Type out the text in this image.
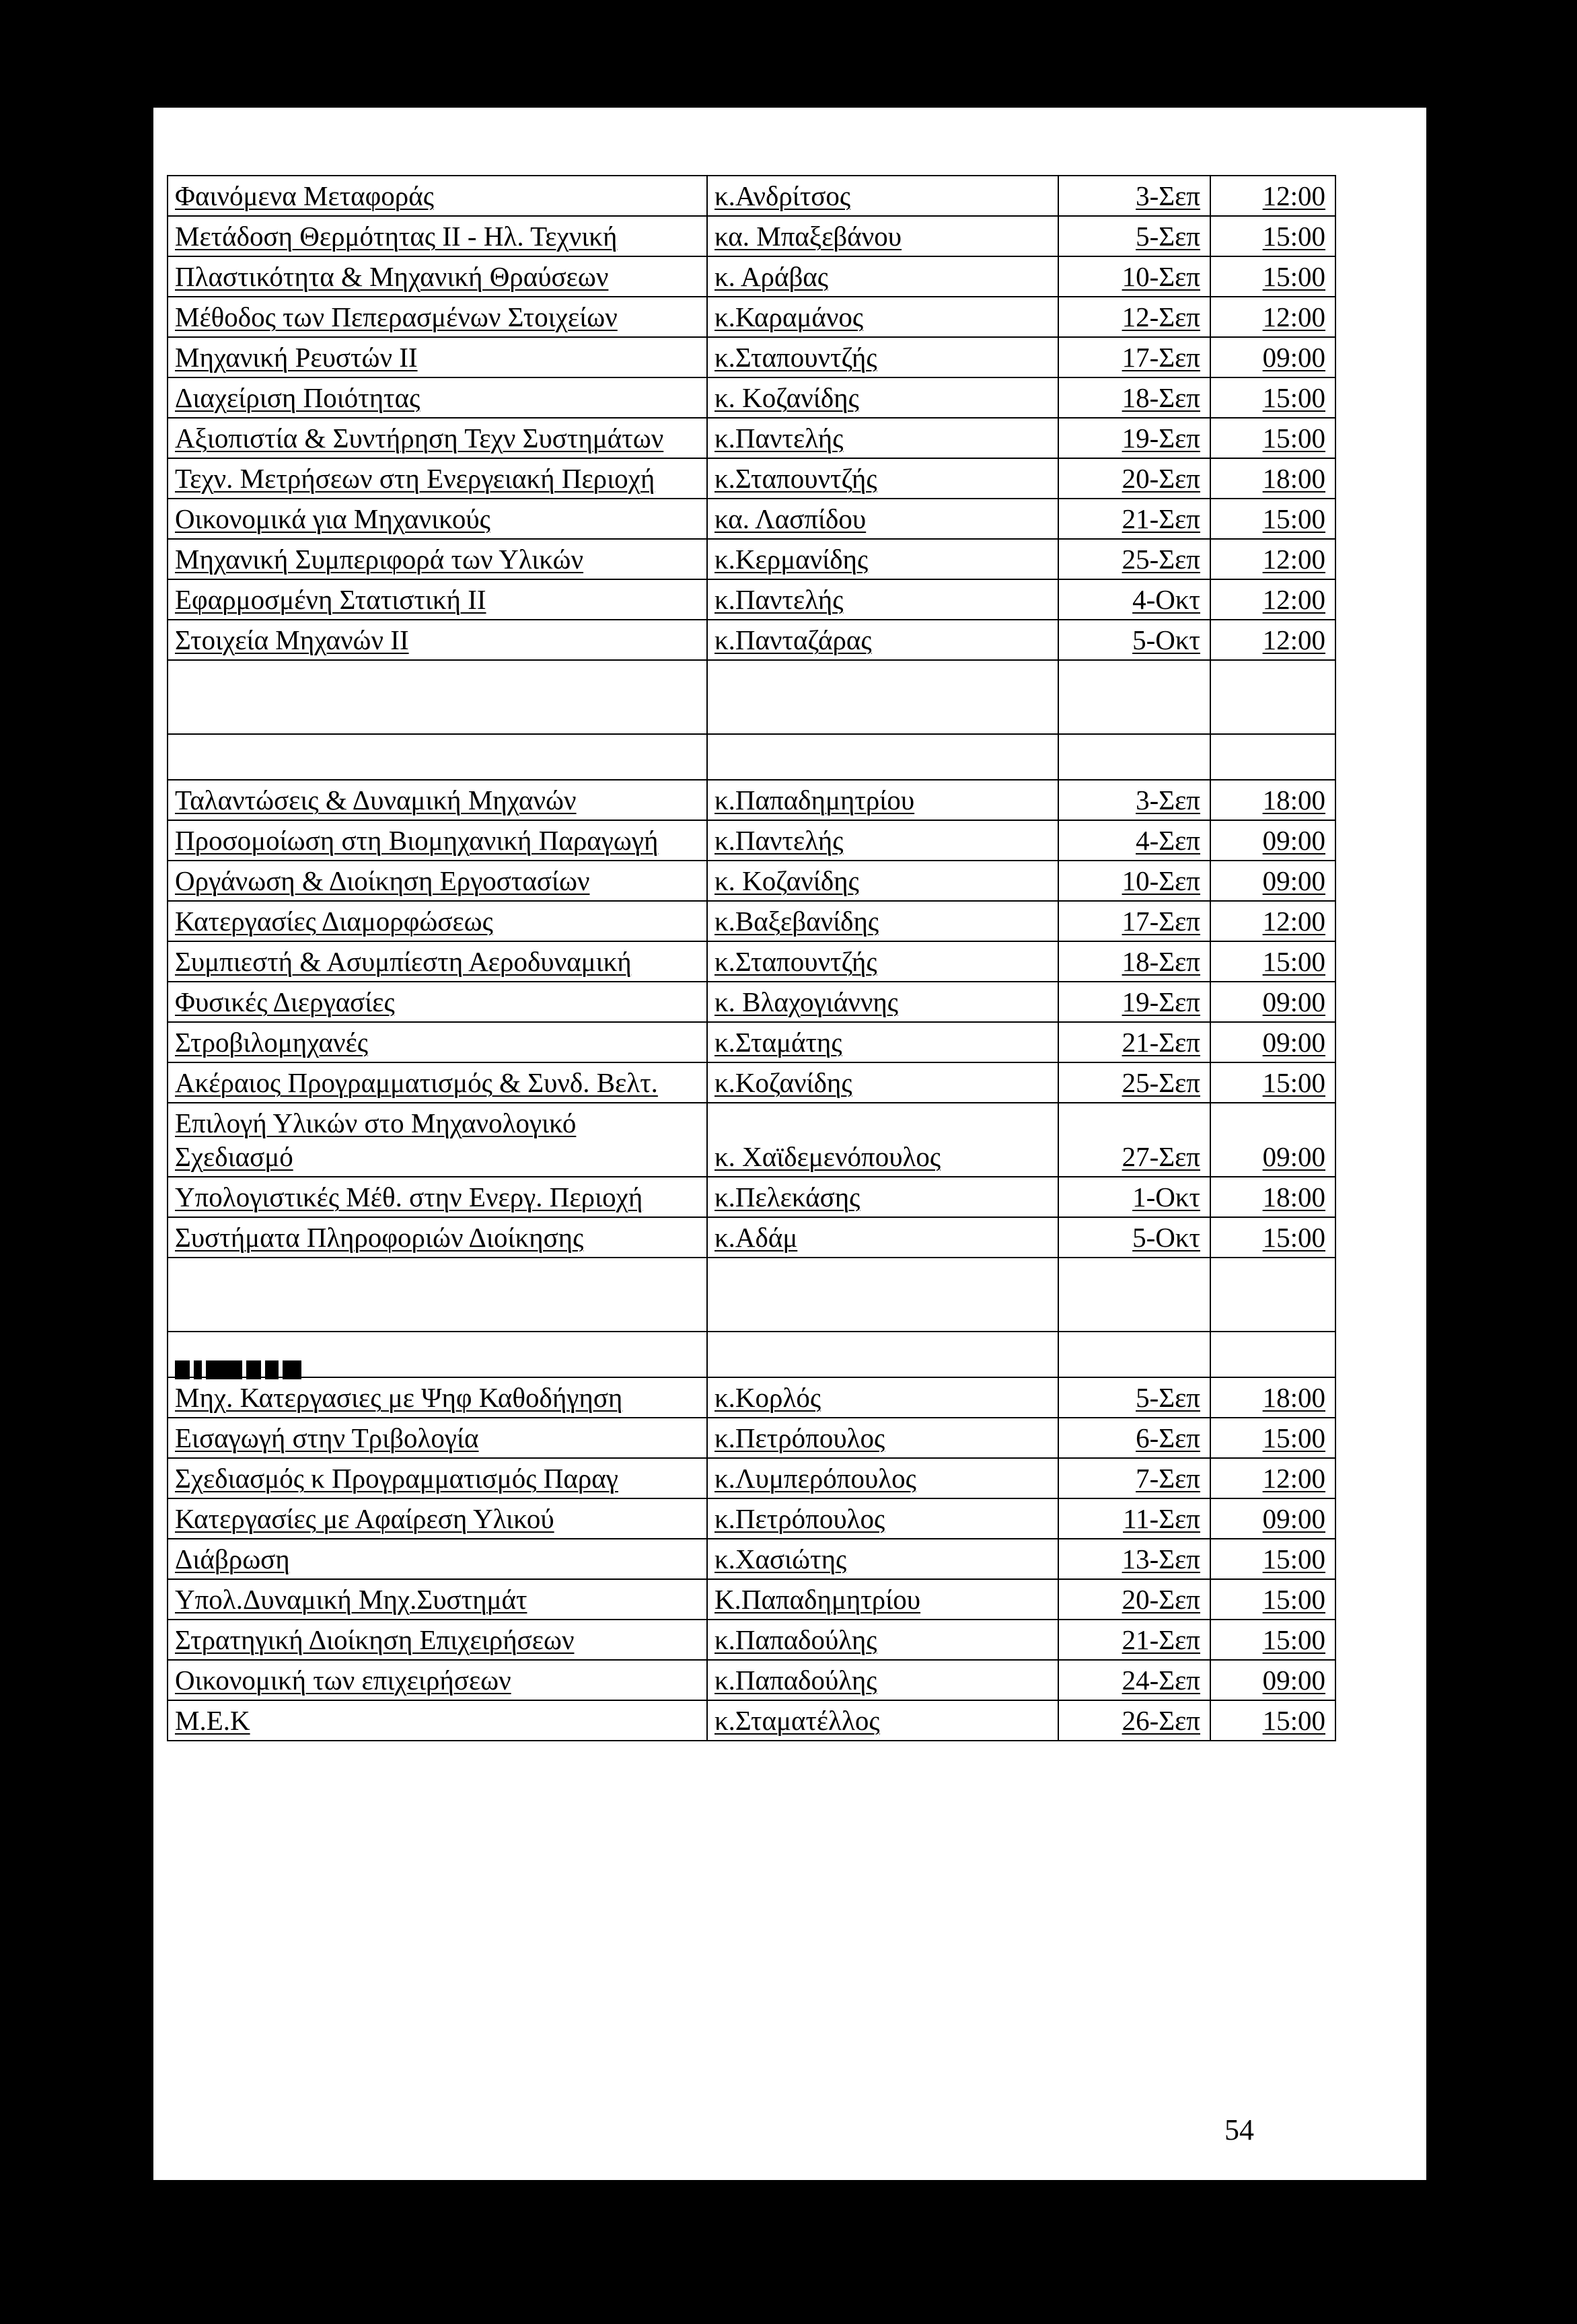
Φαινόμενα Μεταφοράς	κ.Ανδρίτσος	3-Σεπ	12:00
Μετάδοση Θερμότητας ΙΙ - Ηλ. Τεχνική	κα. Μπαξεβάνου	5-Σεπ	15:00
Πλαστικότητα & Μηχανική Θραύσεων	κ. Αράβας	10-Σεπ	15:00
Μέθοδος των Πεπερασμένων Στοιχείων	κ.Καραμάνος	12-Σεπ	12:00
Μηχανική Ρευστών ΙΙ	κ.Σταπουντζής	17-Σεπ	09:00
Διαχείριση Ποιότητας	κ. Κοζανίδης	18-Σεπ	15:00
Αξιοπιστία & Συντήρηση Τεχν Συστημάτων	κ.Παντελής	19-Σεπ	15:00
Τεχν. Μετρήσεων στη Ενεργειακή Περιοχή	κ.Σταπουντζής	20-Σεπ	18:00
Οικονομικά για Μηχανικούς	κα. Λασπίδου	21-Σεπ	15:00
Μηχανική Συμπεριφορά των Υλικών	κ.Κερμανίδης	25-Σεπ	12:00
Εφαρμοσμένη Στατιστική ΙΙ	κ.Παντελής	4-Οκτ	12:00
Στοιχεία Μηχανών ΙΙ	κ.Πανταζάρας	5-Οκτ	12:00

Ταλαντώσεις & Δυναμική Μηχανών	κ.Παπαδημητρίου	3-Σεπ	18:00
Προσομοίωση στη Βιομηχανική Παραγωγή	κ.Παντελής	4-Σεπ	09:00
Οργάνωση & Διοίκηση Εργοστασίων	κ. Κοζανίδης	10-Σεπ	09:00
Κατεργασίες Διαμορφώσεως	κ.Βαξεβανίδης	17-Σεπ	12:00
Συμπιεστή & Ασυμπίεστη Αεροδυναμική	κ.Σταπουντζής	18-Σεπ	15:00
Φυσικές Διεργασίες	κ. Βλαχογιάννης	19-Σεπ	09:00
Στροβιλομηχανές	κ.Σταμάτης	21-Σεπ	09:00
Ακέραιος Προγραμματισμός & Συνδ. Βελτ.	κ.Κοζανίδης	25-Σεπ	15:00
Επιλογή Υλικών στο Μηχανολογικό Σχεδιασμό	κ. Χαϊδεμενόπουλος	27-Σεπ	09:00
Υπολογιστικές Μέθ. στην Ενεργ. Περιοχή	κ.Πελεκάσης	1-Οκτ	18:00
Συστήματα Πληροφοριών Διοίκησης	κ.Αδάμ	5-Οκτ	15:00

Μηχ. Κατεργασιες με Ψηφ Καθοδήγηση	κ.Κορλός	5-Σεπ	18:00
Εισαγωγή στην Τριβολογία	κ.Πετρόπουλος	6-Σεπ	15:00
Σχεδιασμός κ Προγραμματισμός Παραγ	κ.Λυμπερόπουλος	7-Σεπ	12:00
Κατεργασίες με Αφαίρεση Υλικού	κ.Πετρόπουλος	11-Σεπ	09:00
Διάβρωση	κ.Χασιώτης	13-Σεπ	15:00
Υπολ.Δυναμική Μηχ.Συστημάτ	Κ.Παπαδημητρίου	20-Σεπ	15:00
Στρατηγική Διοίκηση Επιχειρήσεων	κ.Παπαδούλης	21-Σεπ	15:00
Οικονομική των επιχειρήσεων	κ.Παπαδούλης	24-Σεπ	09:00
Μ.Ε.Κ	κ.Σταματέλλος	26-Σεπ	15:00
54
